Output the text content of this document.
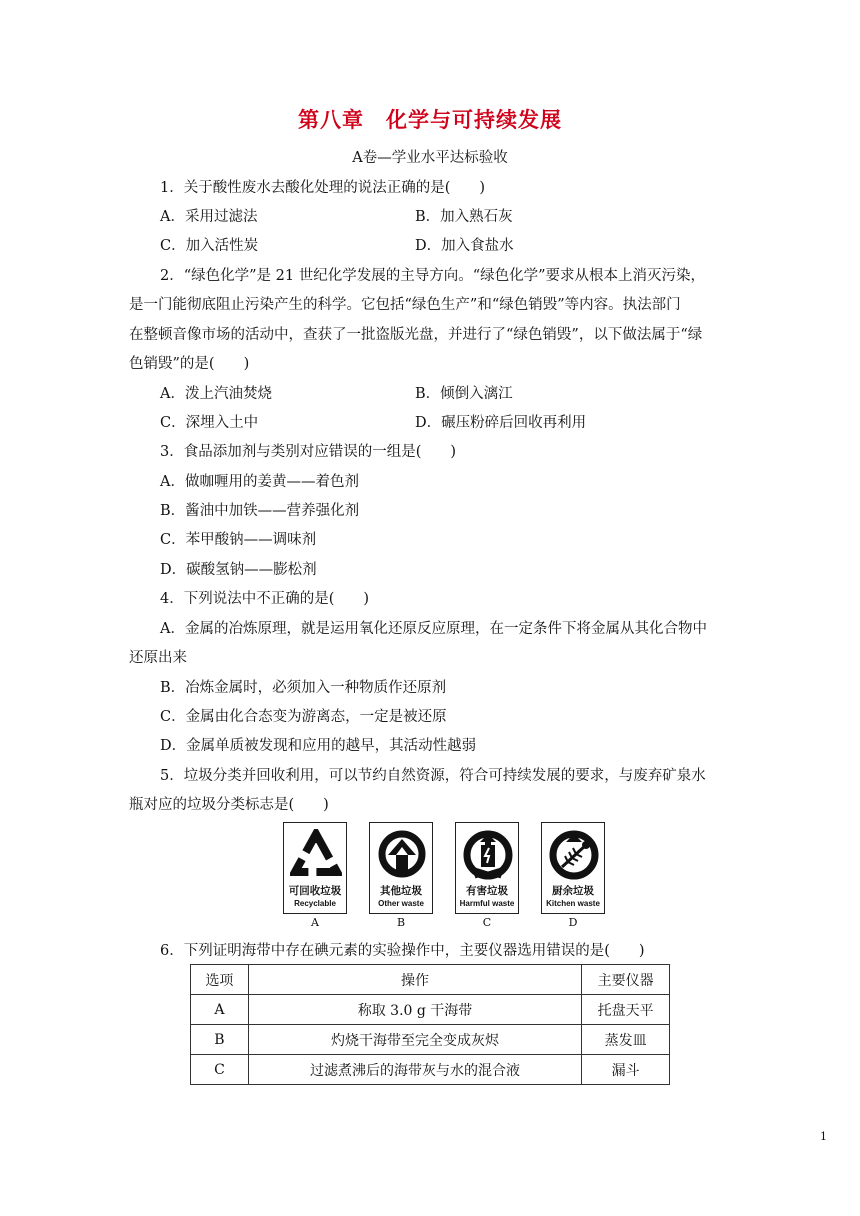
第八章　化学与可持续发展
A卷—学业水平达标验收
1．关于酸性废水去酸化处理的说法正确的是(　　)
A．采用过滤法	B．加入熟石灰
C．加入活性炭	D．加入食盐水
2．“绿色化学”是 21 世纪化学发展的主导方向。“绿色化学”要求从根本上消灭污染，
是一门能彻底阻止污染产生的科学。它包括“绿色生产”和“绿色销毁”等内容。执法部门
在整顿音像市场的活动中，查获了一批盗版光盘，并进行了“绿色销毁”，以下做法属于“绿
色销毁”的是(　　)
A．泼上汽油焚烧	B．倾倒入漓江
C．深埋入土中	D．碾压粉碎后回收再利用
3．食品添加剂与类别对应错误的一组是(　　)
A．做咖喱用的姜黄——着色剂
B．酱油中加铁——营养强化剂
C．苯甲酸钠——调味剂
D．碳酸氢钠——膨松剂
4．下列说法中不正确的是(　　)
A．金属的冶炼原理，就是运用氧化还原反应原理，在一定条件下将金属从其化合物中
还原出来
B．冶炼金属时，必须加入一种物质作还原剂
C．金属由化合态变为游离态，一定是被还原
D．金属单质被发现和应用的越早，其活动性越弱
5．垃圾分类并回收利用，可以节约自然资源，符合可持续发展的要求，与废弃矿泉水
瓶对应的垃圾分类标志是(　　)
可回收垃圾
Recyclable
A
其他垃圾
Other waste
B
有害垃圾
Harmful waste
C
厨余垃圾
Kitchen waste
D
6．下列证明海带中存在碘元素的实验操作中，主要仪器选用错误的是(　　)
选项	操作	主要仪器
A	称取 3.0 g 干海带	托盘天平
B	灼烧干海带至完全变成灰烬	蒸发皿
C	过滤煮沸后的海带灰与水的混合液	漏斗
1
